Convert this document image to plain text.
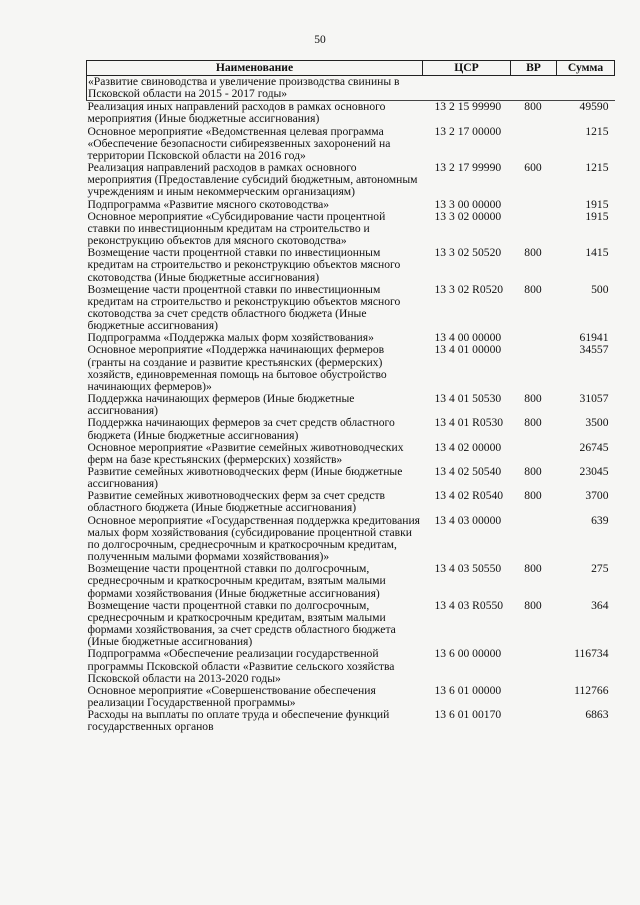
50
Наименование	ЦСР	ВР	Сумма
«Развитие свиноводства и увеличение производства свинины в Псковской области на 2015 - 2017 годы»			
Реализация иных направлений расходов в рамках основного мероприятия (Иные бюджетные ассигнования)	13 2 15 99990	800	49590
Основное мероприятие «Ведомственная целевая программа «Обеспечение безопасности сибиреязвенных захоронений на территории Псковской области на 2016 год»	13 2 17 00000		1215
Реализация направлений расходов в рамках основного мероприятия (Предоставление субсидий бюджетным, автономным учреждениям и иным некоммерческим организациям)	13 2 17 99990	600	1215
Подпрограмма «Развитие мясного скотоводства»	13 3 00 00000		1915
Основное мероприятие «Субсидирование части процентной ставки по инвестиционным кредитам на строительство и реконструкцию объектов для мясного скотоводства»	13 3 02 00000		1915
Возмещение части процентной ставки по инвестиционным кредитам на строительство и реконструкцию объектов мясного скотоводства (Иные бюджетные ассигнования)	13 3 02 50520	800	1415
Возмещение части процентной ставки по инвестиционным кредитам на строительство и реконструкцию объектов мясного скотоводства за счет средств областного бюджета (Иные бюджетные ассигнования)	13 3 02 R0520	800	500
Подпрограмма «Поддержка малых форм хозяйствования»	13 4 00 00000		61941
Основное мероприятие «Поддержка начинающих фермеров (гранты на создание и развитие крестьянских (фермерских) хозяйств, единовременная помощь на бытовое обустройство начинающих фермеров)»	13 4 01 00000		34557
Поддержка начинающих фермеров (Иные бюджетные ассигнования)	13 4 01 50530	800	31057
Поддержка начинающих фермеров за счет средств областного бюджета (Иные бюджетные ассигнования)	13 4 01 R0530	800	3500
Основное мероприятие «Развитие семейных животноводческих ферм на базе крестьянских (фермерских) хозяйств»	13 4 02 00000		26745
Развитие семейных животноводческих ферм (Иные бюджетные ассигнования)	13 4 02 50540	800	23045
Развитие семейных животноводческих ферм за счет средств областного бюджета (Иные бюджетные ассигнования)	13 4 02 R0540	800	3700
Основное мероприятие «Государственная поддержка кредитования малых форм хозяйствования (субсидирование процентной ставки по долгосрочным, среднесрочным и краткосрочным кредитам, полученным малыми формами хозяйствования)»	13 4 03 00000		639
Возмещение части процентной ставки по долгосрочным, среднесрочным и краткосрочным кредитам, взятым малыми формами хозяйствования (Иные бюджетные ассигнования)	13 4 03 50550	800	275
Возмещение части процентной ставки по долгосрочным, среднесрочным и краткосрочным кредитам, взятым малыми формами хозяйствования, за счет средств областного бюджета (Иные бюджетные ассигнования)	13 4 03 R0550	800	364
Подпрограмма «Обеспечение реализации государственной программы Псковской области «Развитие сельского хозяйства Псковской области на 2013-2020 годы»	13 6 00 00000		116734
Основное мероприятие «Совершенствование обеспечения реализации Государственной программы»	13 6 01 00000		112766
Расходы на выплаты по оплате труда и обеспечение функций государственных органов	13 6 01 00170		6863
